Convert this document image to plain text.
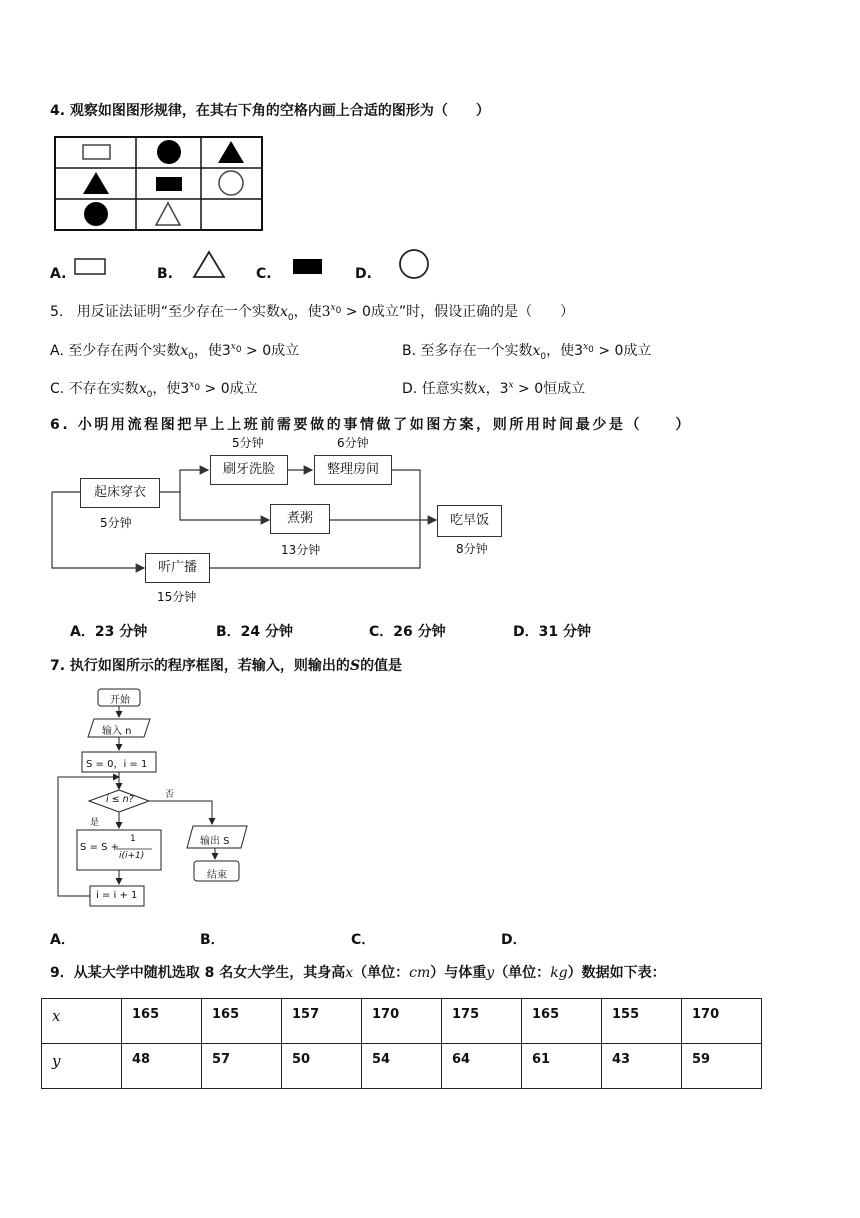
4. 观察如图图形规律，在其右下角的空格内画上合适的图形为（　　）
A.	B.	C.	D.
5. 用反证法证明“至少存在一个实数$x_0$，使$3^{x_0} > 0$成立”时，假设正确的是（　　）
A. 至少存在两个实数$x_0$，使$3^{x_0} > 0$成立	B. 至多存在一个实数$x_0$，使$3^{x_0} > 0$成立
C. 不存在实数$x_0$，使$3^{x_0} > 0$成立	D. 任意实数x，$3^x > 0$恒成立
6. 小明用流程图把早上上班前需要做的事情做了如图方案，则所用时间最少是（　　）
起床穿衣
刷牙洗脸	整理房间
煮粥
听广播
吃早饭
5分钟	6分钟
5分钟
13分钟	8分钟
15分钟
A．23 分钟	B．24 分钟	C．26 分钟	D．31 分钟
7. 执行如图所示的程序框图，若输入，则输出的S的值是
开始
输入 n
S = 0，i = 1
i ≤ n?	否
是
S = S +
1
i(i+1)
i = i + 1
输出 S
结束
A．	B．	C．	D．
9．从某大学中随机选取 8 名女大学生，其身高x（单位：cm）与体重y（单位：kg）数据如下表：
x	165	165	157	170	175	165	155	170
y	48	57	50	54	64	61	43	59
